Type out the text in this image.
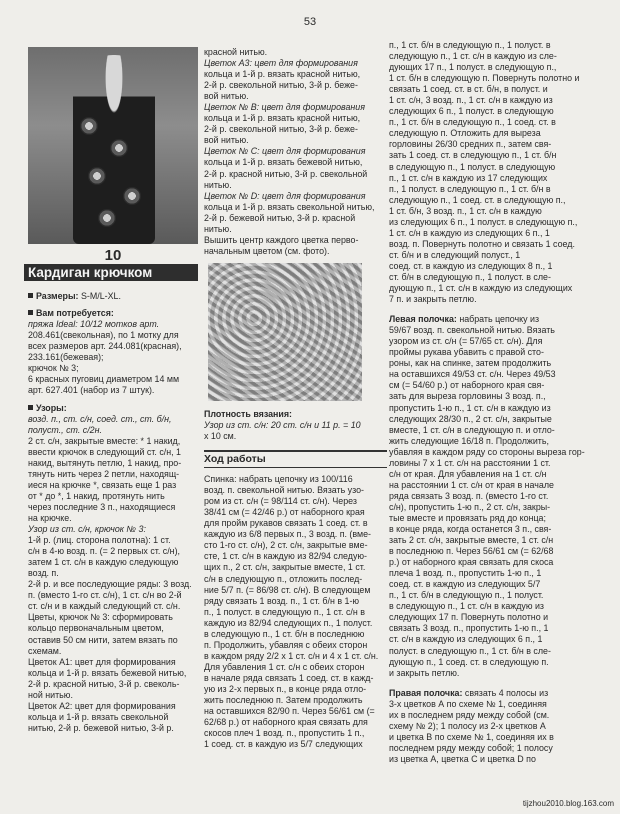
53
10
Кардиган крючком
Размеры: S-M/L-XL.
Вам потребуется:
пряжа Ideal: 10/12 мотков арт.
208.461(свекольная), по 1 мотку для
всех размеров арт. 244.081(красная),
233.161(бежевая);
крючок № 3;
6 красных пуговиц диаметром 14 мм
арт. 627.401 (набор из 7 штук).
Узоры:
возд. п., ст. с/н, соед. ст., ст. б/н,
полуст., ст. с/2н.
2 ст. с/н, закрытые вместе: * 1 накид,
ввести крючок в следующий ст. с/н, 1
накид, вытянуть петлю, 1 накид, про-
тянуть нить через 2 петли, находящ-
иеся на крючке *, связать еще 1 раз
от * до *, 1 накид, протянуть нить
через последние 3 п., находящиеся
на крючке.
Узор из ст. с/н, крючок № 3:
1-й р. (лиц. сторона полотна): 1 ст.
с/н в 4-ю возд. п. (= 2 первых ст. с/н),
затем 1 ст. с/н в каждую следующую
возд. п.
2-й р. и все последующие ряды: 3 возд.
п. (вместо 1-го ст. с/н), 1 ст. с/н во 2-й
ст. с/н и в каждый следующий ст. с/н.
Цветы, крючок № 3: сформировать
кольцо первоначальным цветом,
оставив 50 см нити, затем вязать по
схемам.
Цветок А1: цвет для формирования
кольца и 1-й р. вязать бежевой нитью,
2-й р. красной нитью, 3-й р. свеколь-
ной нитью.
Цветок А2: цвет для формирования
кольца и 1-й р. вязать свекольной
нитью, 2-й р. бежевой нитью, 3-й р.
красной нитью.
Цветок А3: цвет для формирования
кольца и 1-й р. вязать красной нитью,
2-й р. свекольной нитью, 3-й р. беже-
вой нитью.
Цветок № В: цвет для формирования
кольца и 1-й р. вязать красной нитью,
2-й р. свекольной нитью, 3-й р. беже-
вой нитью.
Цветок № С: цвет для формирования
кольца и 1-й р. вязать бежевой нитью,
2-й р. красной нитью, 3-й р. свекольной
нитью.
Цветок № D: цвет для формирования
кольца и 1-й р. вязать свекольной нитью,
2-й р. бежевой нитью, 3-й р. красной
нитью.
Вышить центр каждого цветка перво-
начальным цветом (см. фото).
Плотность вязания:
Узор из ст. с/н: 20 ст. с/н и 11 р. = 10
х 10 см.
Ход работы
Спинка: набрать цепочку из 100/116
возд. п. свекольной нитью. Вязать узо-
ром из ст. с/н (= 98/114 ст. с/н). Через
38/41 см (= 42/46 р.) от наборного края
для пройм рукавов связать 1 соед. ст. в
каждую из 6/8 первых п., 3 возд. п. (вме-
сто 1-го ст. с/н), 2 ст. с/н, закрытые вме-
сте, 1 ст. с/н в каждую из 82/94 следую-
щих п., 2 ст. с/н, закрытые вместе, 1 ст.
с/н в следующую п., отложить послед-
ние 5/7 п. (= 86/98 ст. с/н). В следующем
ряду связать 1 возд. п., 1 ст. б/н в 1-ю
п., 1 полуст. в следующую п., 1 ст. с/н в
каждую из 82/94 следующих п., 1 полуст.
в следующую п., 1 ст. б/н в последнюю
п. Продолжить, убавляя с обеих сторон
в каждом ряду 2/2 х 1 ст. с/н и 4 х 1 ст. с/н.
Для убавления 1 ст. с/н с обеих сторон
в начале ряда связать 1 соед. ст. в кажд-
ую из 2-х первых п., в конце ряда отло-
жить последнюю п. Затем продолжить
на оставшихся 82/90 п. Через 56/61 см (=
62/68 р.) от наборного края связать для
скосов плеч 1 возд. п., пропустить 1 п.,
1 соед. ст. в каждую из 5/7 следующих
п., 1 ст. б/н в следующую п., 1 полуст. в
следующую п., 1 ст. с/н в каждую из сле-
дующих 17 п., 1 полуст. в следующую п.,
1 ст. б/н в следующую п. Повернуть полотно и
связать 1 соед. ст. в ст. б/н, в полуст. и
1 ст. с/н, 3 возд. п., 1 ст. с/н в каждую из
следующих 6 п., 1 полуст. в следующую
п., 1 ст. б/н в следующую п., 1 соед. ст. в
следующую п. Отложить для выреза
горловины 26/30 средних п., затем свя-
зать 1 соед. ст. в следующую п., 1 ст. б/н
в следующую п., 1 полуст. в следующую
п., 1 ст. с/н в каждую из 17 следующих
п., 1 полуст. в следующую п., 1 ст. б/н в
следующую п., 1 соед. ст. в следующую п.,
1 ст. б/н, 3 возд. п., 1 ст. с/н в каждую
из следующих 6 п., 1 полуст. в следующую п.,
1 ст. с/н в каждую из следующих 6 п., 1
возд. п. Повернуть полотно и связать 1 соед.
ст. б/н и в следующий полуст., 1
соед. ст. в каждую из следующих 8 п., 1
ст. б/н в следующую п., 1 полуст. в сле-
дующую п., 1 ст. с/н в каждую из следующих
7 п. и закрыть петлю.
Левая полочка: набрать цепочку из
59/67 возд. п. свекольной нитью. Вязать
узором из ст. с/н (= 57/65 ст. с/н). Для
проймы рукава убавить с правой сто-
роны, как на спинке, затем продолжить
на оставшихся 49/53 ст. с/н. Через 49/53
см (= 54/60 р.) от наборного края свя-
зать для выреза горловины 3 возд. п.,
пропустить 1-ю п., 1 ст. с/н в каждую из
следующих 28/30 п., 2 ст. с/н, закрытые
вместе, 1 ст. с/н в следующую п. и отло-
жить следующие 16/18 п. Продолжить,
убавляя в каждом ряду со стороны выреза гор-
ловины 7 х 1 ст. с/н на расстоянии 1 ст.
с/н от края. Для убавления на 1 ст. с/н
на расстоянии 1 ст. с/н от края в начале
ряда связать 3 возд. п. (вместо 1-го ст.
с/н), пропустить 1-ю п., 2 ст. с/н, закры-
тые вместе и провязать ряд до конца;
в конце ряда, когда останется 3 п., свя-
зать 2 ст. с/н, закрытые вместе, 1 ст. с/н
в последнюю п. Через 56/61 см (= 62/68
р.) от наборного края связать для скоса
плеча 1 возд. п., пропустить 1-ю п., 1
соед. ст. в каждую из следующих 5/7
п., 1 ст. б/н в следующую п., 1 полуст.
в следующую п., 1 ст. с/н в каждую из
следующих 17 п. Повернуть полотно и
связать 3 возд. п., пропустить 1-ю п., 1
ст. с/н в каждую из следующих 6 п., 1
полуст. в следующую п., 1 ст. б/н в сле-
дующую п., 1 соед. ст. в следующую п.
и закрыть петлю.
Правая полочка: связать 4 полосы из
3-х цветков А по схеме № 1, соединяя
их в последнем ряду между собой (см.
схему № 2); 1 полосу из 2-х цветков А
и цветка В по схеме № 1, соединяя их в
последнем ряду между собой; 1 полосу
из цветка А, цветка С и цветка D по
tijzhou2010.blog.163.com
